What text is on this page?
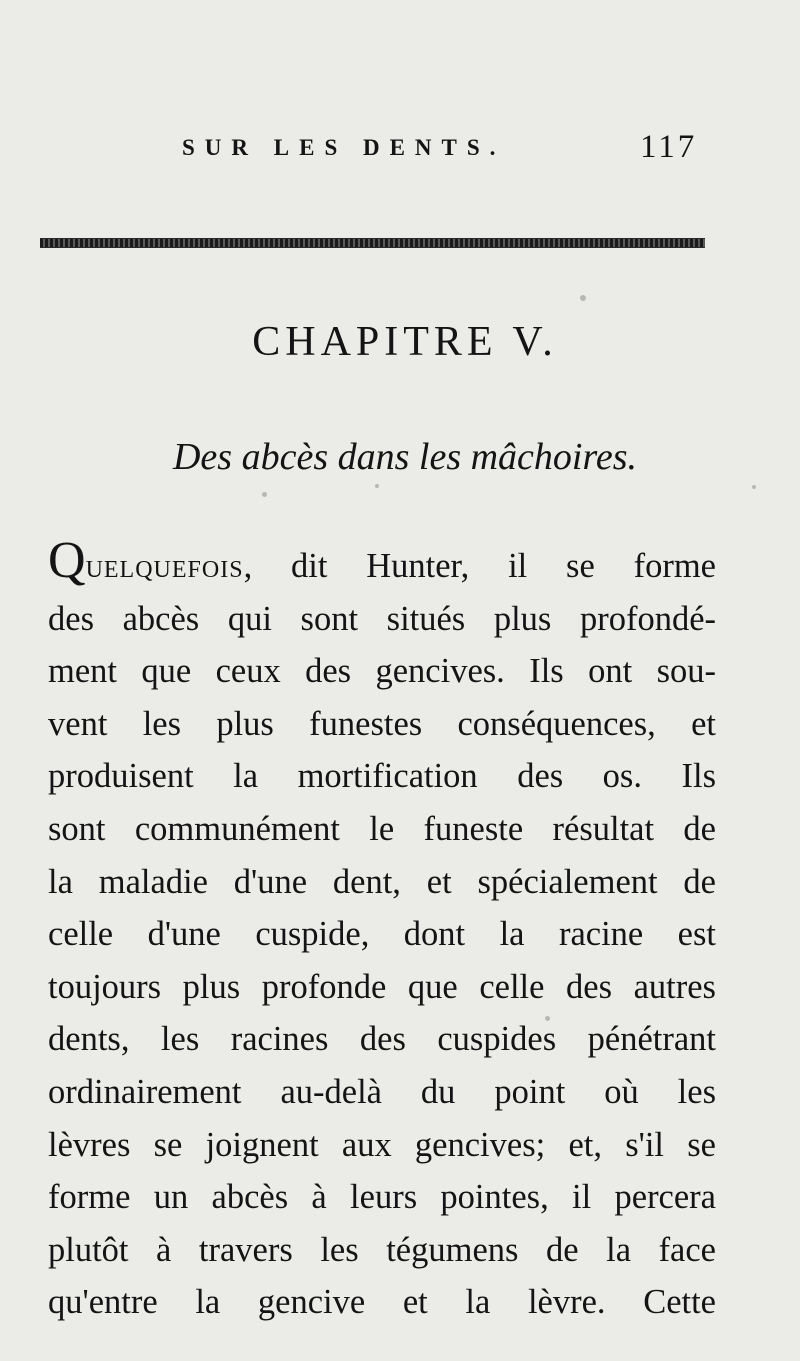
SUR LES DENTS.	117
CHAPITRE V.
Des abcès dans les mâchoires.
Quelquefois, dit Hunter, il se forme
des abcès qui sont situés plus profondé-
ment que ceux des gencives. Ils ont sou-
vent les plus funestes conséquences, et
produisent la mortification des os. Ils
sont communément le funeste résultat de
la maladie d'une dent, et spécialement de
celle d'une cuspide, dont la racine est
toujours plus profonde que celle des autres
dents, les racines des cuspides pénétrant
ordinairement au-delà du point où les
lèvres se joignent aux gencives; et, s'il se
forme un abcès à leurs pointes, il percera
plutôt à travers les tégumens de la face
qu'entre la gencive et la lèvre. Cette
